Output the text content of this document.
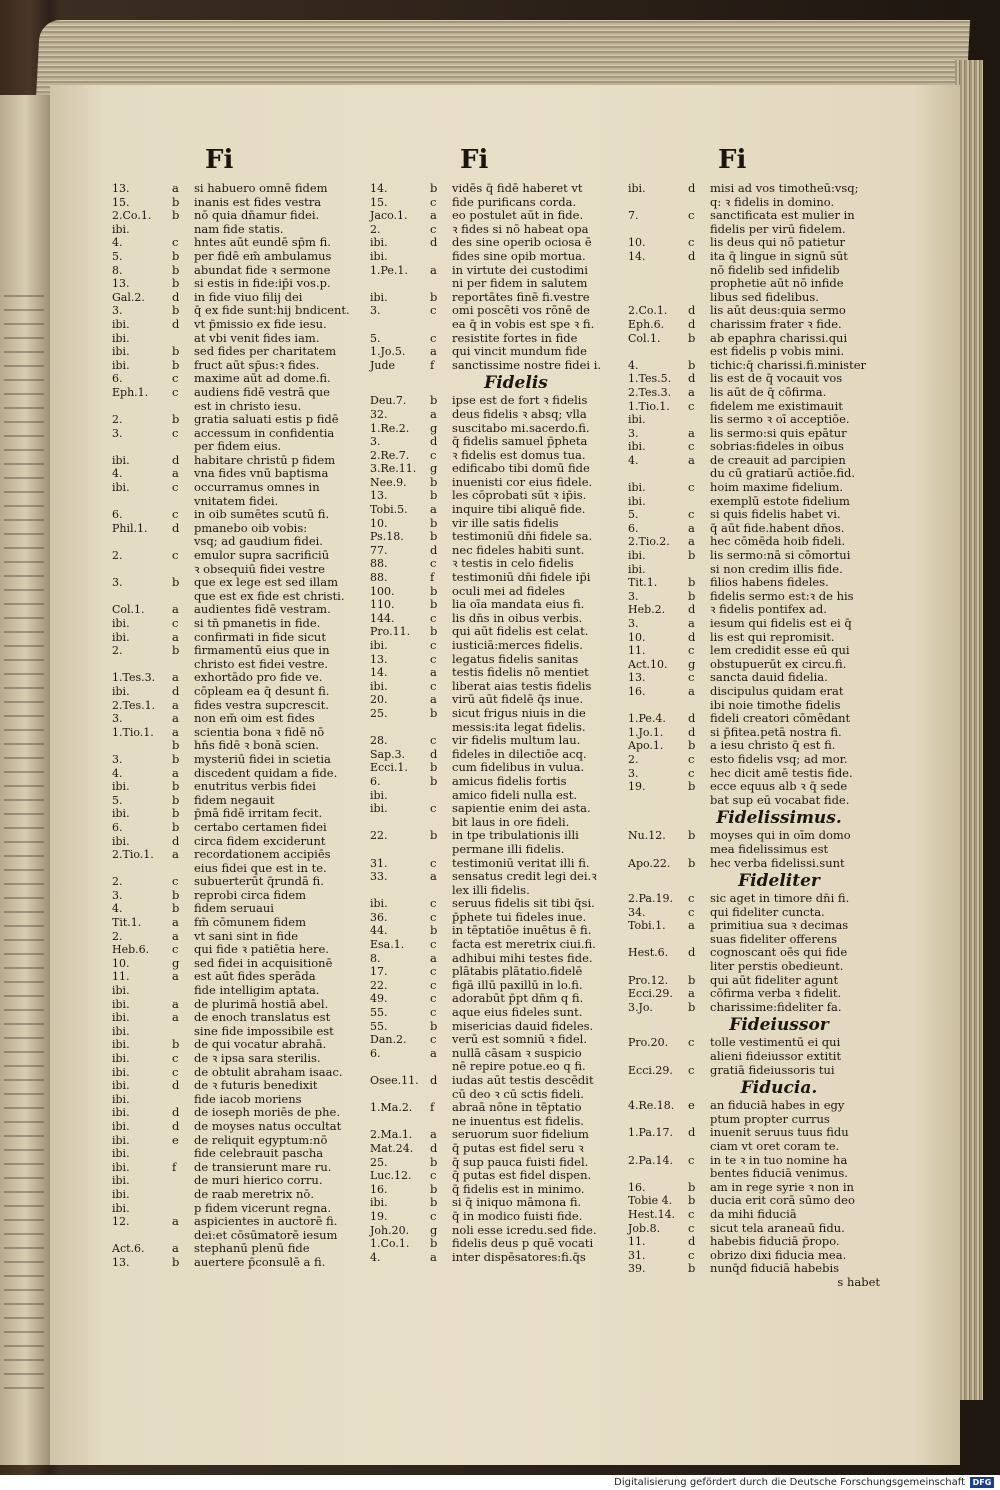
Fi	Fi	Fi
13.	a	si habuero omnē fidem
15.	b	inanis est fides vestra
2.Co.1.	b	nō quia dn̄amur fidei.
ibi.	nam fide statis.
4.	c	hntes aūt eundē sp̄m fi.
5.	b	per fidē em̄ ambulamus
8.	b	abundat fide ꝛ sermone
13.	b	si estis in fide:ip̄i vos.p.
Gal.2.	d	in fide viuo filij dei
3.	b	q̄ ex fide sunt:hij bndicent.
ibi.	d	vt p̄missio ex fide iesu.
ibi.	at vbi venit fides iam.
ibi.	b	sed fides per charitatem
ibi.	b	fruct aūt sp̄us:ꝛ fides.
6.	c	maxime aūt ad dome.fi.
Eph.1.	c	audiens fidē vestrā que
est in christo iesu.
2.	b	gratia saluati estis p fidē
3.	c	accessum in confidentia
per fidem eius.
ibi.	d	habitare christū p fidem
4.	a	vna fides vnū baptisma
ibi.	c	occurramus omnes in
vnitatem fidei.
6.	c	in oib sumētes scutū fi.
Phil.1.	d	pmanebo oib vobis:
vsq; ad gaudium fidei.
2.	c	emulor supra sacrificiū
ꝛ obsequiū fidei vestre
3.	b	que ex lege est sed illam
que est ex fide est christi.
Col.1.	a	audientes fidē vestram.
ibi.	c	si tn̄ pmanetis in fide.
ibi.	a	confirmati in fide sicut
2.	b	firmamentū eius que in
christo est fidei vestre.
1.Tes.3.	a	exhortādo pro fide ve.
ibi.	d	cōpleam ea q̄ desunt fi.
2.Tes.1.	a	fides vestra supcrescit.
3.	a	non em̄ oim est fides
1.Tio.1.	a	scientia bona ꝛ fidē nō
b	hn̄s fidē ꝛ bonā scien.
3.	b	mysteriū fidei in scietia
4.	a	discedent quidam a fide.
ibi.	b	enutritus verbis fidei
5.	b	fidem negauit
ibi.	b	p̄mā fidē irritam fecit.
6.	b	certabo certamen fidei
ibi.	d	circa fidem exciderunt
2.Tio.1.	a	recordationem accipiēs
eius fidei que est in te.
2.	c	subuerterūt q̄rundā fi.
3.	b	reprobi circa fidem
4.	b	fidem seruaui
Tit.1.	a	fm̄ cōmunem fidem
2.	a	vt sani sint in fide
Heb.6.	c	qui fide ꝛ patiētia here.
10.	g	sed fidei in acquisitionē
11.	a	est aūt fides sperāda
ibi.	fide intelligim aptata.
ibi.	a	de plurimā hostiā abel.
ibi.	a	de enoch translatus est
ibi.	sine fide impossibile est
ibi.	b	de qui vocatur abrahā.
ibi.	c	de ꝛ ipsa sara sterilis.
ibi.	c	de obtulit abraham isaac.
ibi.	d	de ꝛ futuris benedixit
ibi.	fide iacob moriens
ibi.	d	de ioseph moriēs de phe.
ibi.	d	de moyses natus occultat
ibi.	e	de reliquit egyptum:nō
ibi.	fide celebrauit pascha
ibi.	f	de transierunt mare ru.
ibi.	de muri hierico corru.
ibi.	de raab meretrix nō.
ibi.	p fidem vicerunt regna.
12.	a	aspicientes in auctorē fi.
dei:et cōsūmatorē iesum
Act.6.	a	stephanū plenū fide
13.	b	auertere p̄consulē a fi.
14.	b	vidēs q̄ fidē haberet vt
15.	c	fide purificans corda.
Jaco.1.	a	eo postulet aūt in fide.
2.	c	ꝛ fides si nō habeat opa
ibi.	d	des sine operib ociosa ē
ibi.	fides sine opib mortua.
1.Pe.1.	a	in virtute dei custodimi
ni per fidem in salutem
ibi.	b	reportātes finē fi.vestre
3.	c	omi poscēti vos rōnē de
ea q̄ in vobis est spe ꝛ fi.
5.	c	resistite fortes in fide
1.Jo.5.	a	qui vincit mundum fide
Jude	f	sanctissime nostre fidei i.
Fidelis
Deu.7.	b	ipse est de fort ꝛ fidelis
32.	a	deus fidelis ꝛ absq; vlla
1.Re.2.	g	suscitabo mi.sacerdo.fi.
3.	d	q̄ fidelis samuel p̄pheta
2.Re.7.	c	ꝛ fidelis est domus tua.
3.Re.11.	g	edificabo tibi domū fide
Nee.9.	b	inuenisti cor eius fidele.
13.	b	les cōprobati sūt ꝛ ip̄is.
Tobi.5.	a	inquire tibi aliquē fide.
10.	b	vir ille satis fidelis
Ps.18.	b	testimoniū dn̄i fidele sa.
77.	d	nec fideles habiti sunt.
88.	c	ꝛ testis in celo fidelis
88.	f	testimoniū dn̄i fidele ip̄i
100.	b	oculi mei ad fideles
110.	b	lia oīa mandata eius fi.
144.	c	lis dn̄s in oibus verbis.
Pro.11.	b	qui aūt fidelis est celat.
ibi.	c	iusticiā:merces fidelis.
13.	c	legatus fidelis sanitas
14.	a	testis fidelis nō mentiet
ibi.	c	liberat aias testis fidelis
20.	a	virū aūt fidelē q̄s inue.
25.	b	sicut frigus niuis in die
messis:ita legat fidelis.
28.	c	vir fidelis multum lau.
Sap.3.	d	fideles in dilectiōe acq.
Ecci.1.	b	cum fidelibus in vulua.
6.	b	amicus fidelis fortis
ibi.	amico fideli nulla est.
ibi.	c	sapientie enim dei asta.
bit laus in ore fideli.
22.	b	in tpe tribulationis illi
permane illi fidelis.
31.	c	testimoniū veritat illi fi.
33.	a	sensatus credit legi dei.ꝛ
lex illi fidelis.
ibi.	c	seruus fidelis sit tibi q̄si.
36.	c	p̄phete tui fideles inue.
44.	b	in tēptatiōe inuētus ē fi.
Esa.1.	c	facta est meretrix ciui.fi.
8.	a	adhibui mihi testes fide.
17.	c	plātabis plātatio.fidelē
22.	c	figā illū paxillū in lo.fi.
49.	c	adorabūt p̄pt dn̄m q fi.
55.	c	aque eius fideles sunt.
55.	b	misericias dauid fideles.
Dan.2.	c	verū est somniū ꝛ fidel.
6.	a	nullā cāsam ꝛ suspicio
nē repire potue.eo q fi.
Osee.11. d	iudas aūt testis descēdit
cū deo ꝛ cū sctis fideli.
1.Ma.2.	f	abraā nōne in tēptatio
ne inuentus est fidelis.
2.Ma.1.	a	seruorum suor fidelium
Mat.24.	d	q̄ putas est fidel seru ꝛ
25.	b	q̄ sup pauca fuisti fidel.
Luc.12.	c	q̄ putas est fidel dispen.
16.	b	q̄ fidelis est in minimo.
ibi.	b	si q̄ iniquo māmona fi.
19.	c	q̄ in modico fuisti fide.
Joh.20.	g	noli esse icredu.sed fide.
1.Co.1.	b	fidelis deus p quē vocati
4.	a	inter dispēsatores:fi.q̄s
ibi.	d	misi ad vos timotheū:vsq;
q: ꝛ fidelis in domino.
7.	c	sanctificata est mulier in
fidelis per virū fidelem.
10.	c	lis deus qui nō patietur
14.	d	ita q̄ lingue in signū sūt
nō fidelib sed infidelib
prophetie aūt nō infide
libus sed fidelibus.
2.Co.1.	d	lis aūt deus:quia sermo
Eph.6.	d	charissim frater ꝛ fide.
Col.1.	b	ab epaphra charissi.qui
est fidelis p vobis mini.
4.	b	tichic:q̄ charissi.fi.minister
1.Tes.5.	d	lis est de q̄ vocauit vos
2.Tes.3.	a	lis aūt de q̄ cōfirma.
1.Tio.1.	c	fidelem me existimauit
ibi.	lis sermo ꝛ oī acceptiōe.
3.	a	lis sermo:si quis epātur
ibi.	c	sobrias:fideles in oibus
4.	a	de creauit ad parcipien
du cū gratiarū actiōe.fid.
ibi.	c	hoim maxime fidelium.
ibi.	exemplū estote fidelium
5.	c	si quis fidelis habet vi.
6.	a	q̄ aūt fide.habent dn̄os.
2.Tio.2.	a	hec cōmēda hoib fideli.
ibi.	b	lis sermo:nā si cōmortui
ibi.	si non credim illis fide.
Tit.1.	b	filios habens fideles.
3.	b	fidelis sermo est:ꝛ de his
Heb.2.	d	ꝛ fidelis pontifex ad.
3.	a	iesum qui fidelis est ei q̄
10.	d	lis est qui repromisit.
11.	c	lem credidit esse eū qui
Act.10.	g	obstupuerūt ex circu.fi.
13.	c	sancta dauid fidelia.
16.	a	discipulus quidam erat
ibi noie timothe fidelis
1.Pe.4.	d	fideli creatori cōmēdant
1.Jo.1.	d	si p̄fitea.petā nostra fi.
Apo.1.	b	a iesu christo q̄ est fi.
2.	c	esto fidelis vsq; ad mor.
3.	c	hec dicit amē testis fide.
19.	b	ecce equus alb ꝛ q̄ sede
bat sup eū vocabat fide.
Fidelissimus.
Nu.12.	b	moyses qui in oīm domo
mea fidelissimus est
Apo.22.	b	hec verba fidelissi.sunt
Fideliter
2.Pa.19.	c	sic aget in timore dn̄i fi.
34.	c	qui fideliter cuncta.
Tobi.1.	a	primitiua sua ꝛ decimas
suas fideliter offerens
Hest.6.	d	cognoscant oēs qui fide
liter perstis obedieunt.
Pro.12.	b	qui aūt fideliter agunt
Ecci.29.	a	cōfirma verba ꝛ fidelit.
3.Jo.	b	charissime:fideliter fa.
Fideiussor
Pro.20.	c	tolle vestimentū ei qui
alieni fideiussor extitit
Ecci.29.	c	gratiā fideiussoris tui
Fiducia.
4.Re.18.	e	an fiduciā habes in egy
ptum propter currus
1.Pa.17.	d	inuenit seruus tuus fidu
ciam vt oret coram te.
2.Pa.14.	c	in te ꝛ in tuo nomine ha
bentes fiduciā venimus.
16.	b	am in rege syrie ꝛ non in
Tobie 4.	b	ducia erit corā sūmo deo
Hest.14.	c	da mihi fiduciā
Job.8.	c	sicut tela araneaū fidu.
11.	d	habebis fiduciā p̄ropo.
31.	c	obrizo dixi fiducia mea.
39.	b	nunq̄d fiduciā habebis
s habet
Digitalisierung gefördert durch die Deutsche Forschungsgemeinschaft DFG
